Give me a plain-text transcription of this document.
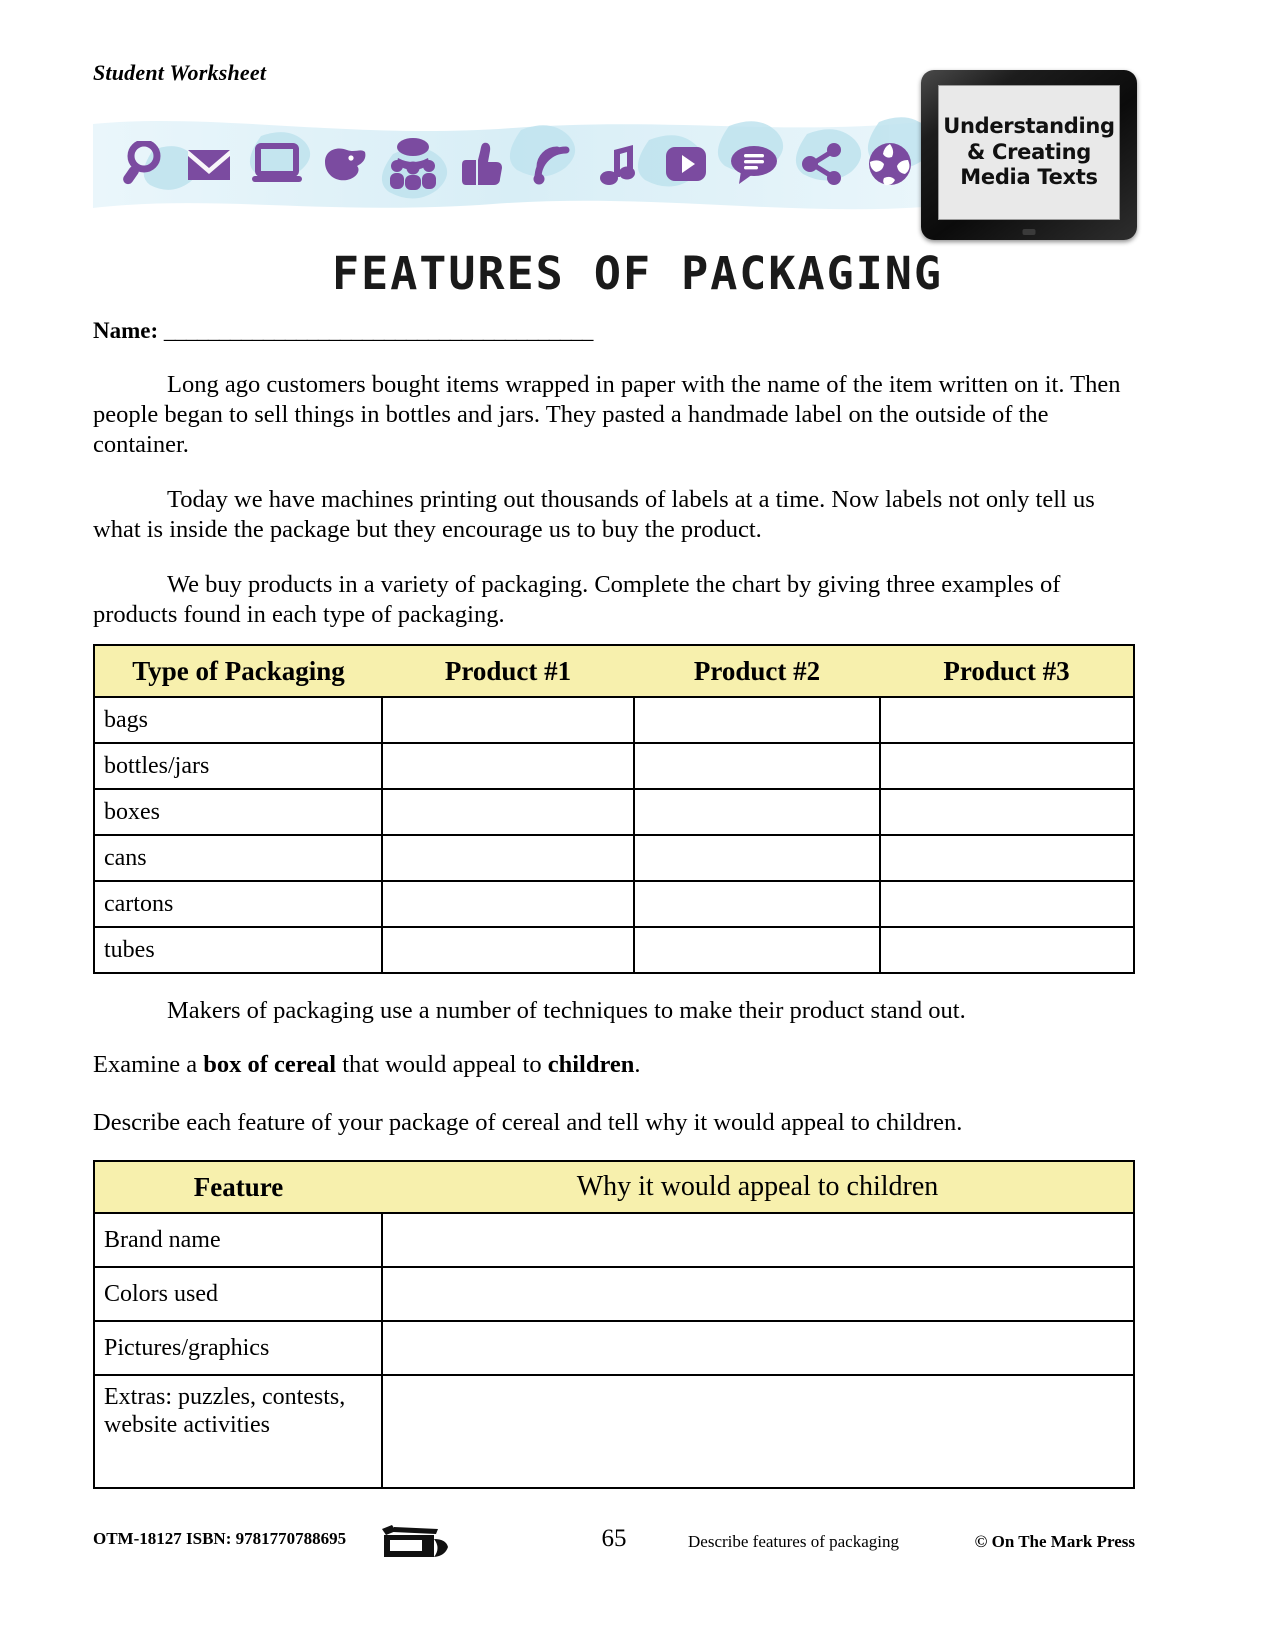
Student Worksheet
Understanding
& Creating
Media Texts
FEATURES OF PACKAGING
Name: _______________________________________
Long ago customers bought items wrapped in paper with the name of the item written on it. Then people began to sell things in bottles and jars. They pasted a handmade label on the outside of the container.
Today we have machines printing out thousands of labels at a time. Now labels not only tell us what is inside the package but they encourage us to buy the product.
We buy products in a variety of packaging. Complete the chart by giving three examples of products found in each type of packaging.
Type of Packaging	Product #1	Product #2	Product #3
bags			
bottles/jars			
boxes			
cans			
cartons			
tubes			
Makers of packaging use a number of techniques to make their product stand out.
Examine a box of cereal that would appeal to children.
Describe each feature of your package of cereal and tell why it would appeal to children.
Feature	Why it would appeal to children
Brand name	
Colors used	
Pictures/graphics	
Extras: puzzles, contests, website activities	
OTM-18127 ISBN: 9781770788695	65	Describe features of packaging	© On The Mark Press
